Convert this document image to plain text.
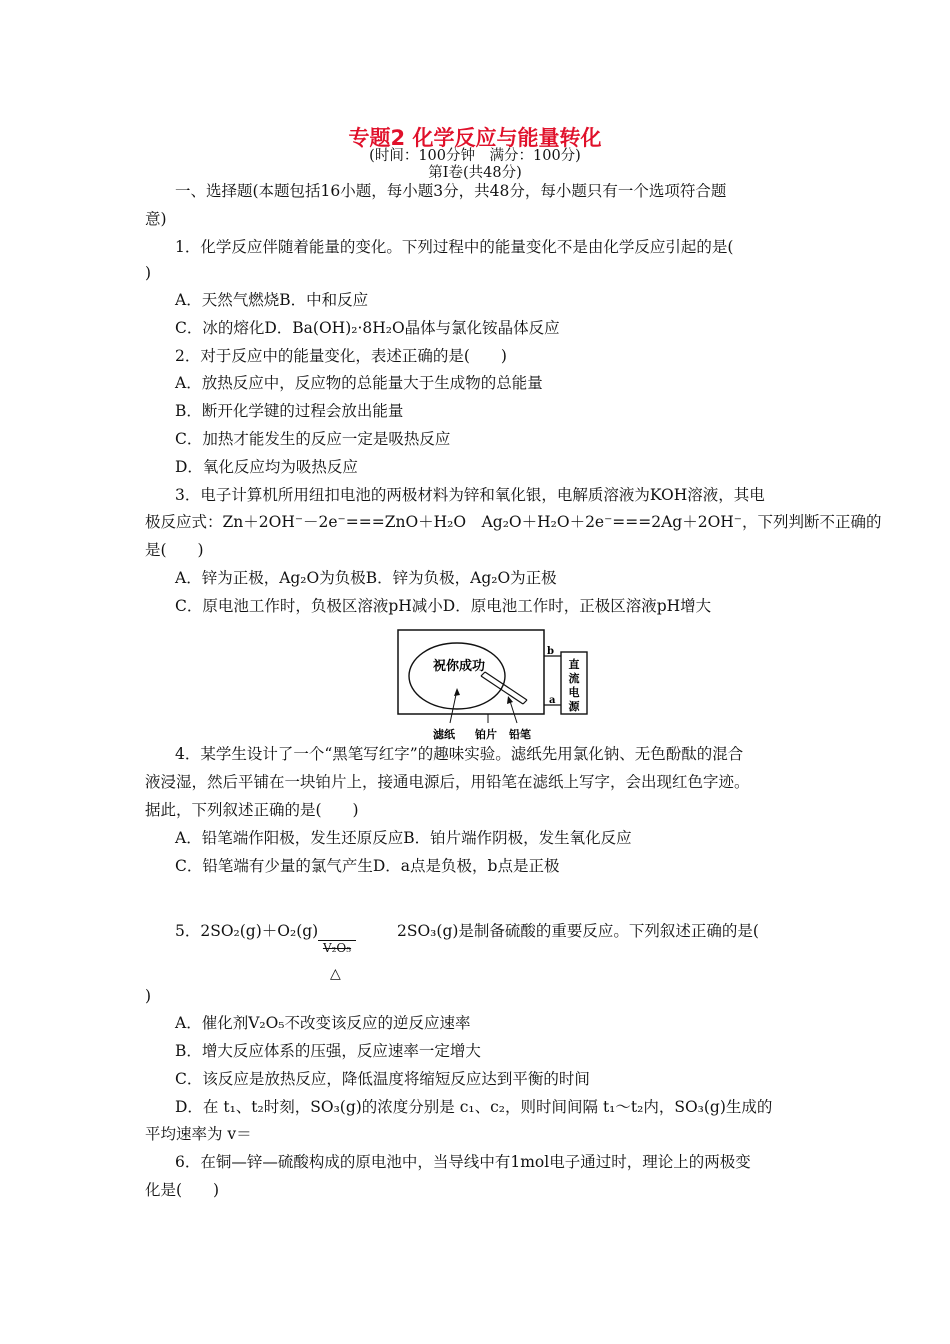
专题2 化学反应与能量转化
(时间：100分钟　满分：100分)
第Ⅰ卷(共48分)
一、选择题(本题包括16小题，每小题3分，共48分，每小题只有一个选项符合题
意)
1．化学反应伴随着能量的变化。下列过程中的能量变化不是由化学反应引起的是(
)
A．天然气燃烧B．中和反应
C．冰的熔化D．Ba(OH)₂·8H₂O晶体与氯化铵晶体反应
2．对于反应中的能量变化，表述正确的是(　　)
A．放热反应中，反应物的总能量大于生成物的总能量
B．断开化学键的过程会放出能量
C．加热才能发生的反应一定是吸热反应
D．氧化反应均为吸热反应
3．电子计算机所用纽扣电池的两极材料为锌和氧化银，电解质溶液为KOH溶液，其电
极反应式：Zn＋2OH⁻－2e⁻===ZnO＋H₂O　Ag₂O＋H₂O＋2e⁻===2Ag＋2OH⁻，下列判断不正确的
是(　　)
A．锌为正极，Ag₂O为负极B．锌为负极，Ag₂O为正极
C．原电池工作时，负极区溶液pH减小D．原电池工作时，正极区溶液pH增大
祝你成功	直
流
电
源
b
a
滤纸 铂片 铅笔
4．某学生设计了一个“黑笔写红字”的趣味实验。滤纸先用氯化钠、无色酚酞的混合
液浸湿，然后平铺在一块铂片上，接通电源后，用铅笔在滤纸上写字，会出现红色字迹。
据此，下列叙述正确的是(　　)
A．铅笔端作阳极，发生还原反应B．铂片端作阴极，发生氧化反应
C．铅笔端有少量的氯气产生D．a点是负极，b点是正极
5．2SO₂(g)＋O₂(g)	2SO₃(g)是制备硫酸的重要反应。下列叙述正确的是(
V₂O₅
△
)
A．催化剂V₂O₅不改变该反应的逆反应速率
B．增大反应体系的压强，反应速率一定增大
C．该反应是放热反应，降低温度将缩短反应达到平衡的时间
D．在 t₁、t₂时刻，SO₃(g)的浓度分别是 c₁、c₂，则时间间隔 t₁～t₂内，SO₃(g)生成的
平均速率为 v＝
6．在铜—锌—硫酸构成的原电池中，当导线中有1mol电子通过时，理论上的两极变
化是(　　)
